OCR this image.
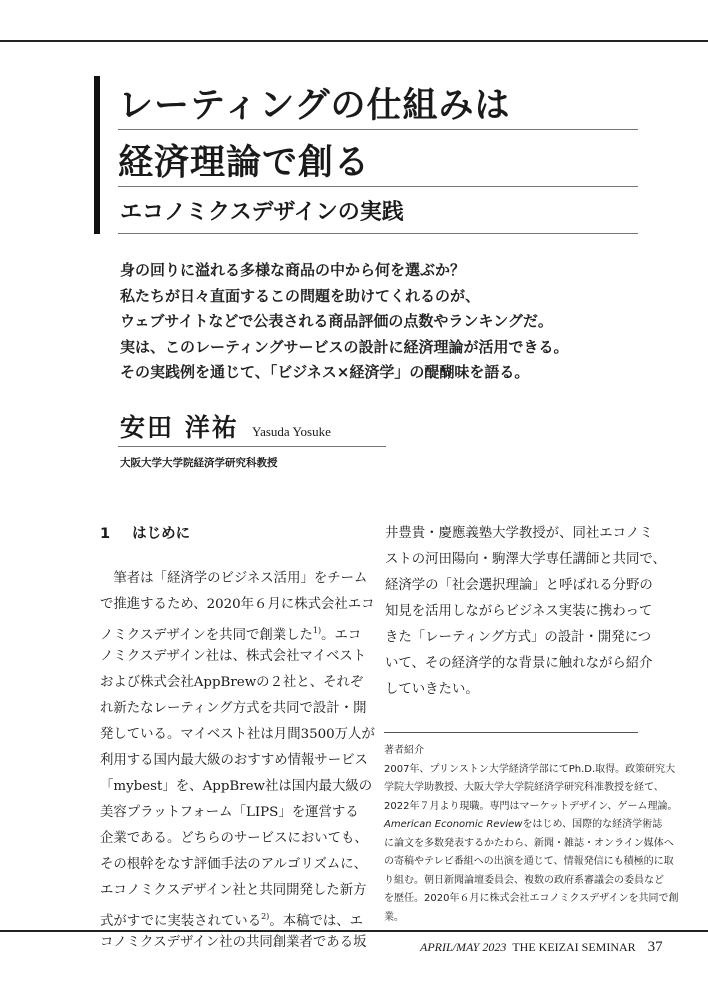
レーティングの仕組みは
経済理論で創る
エコノミクスデザインの実践
身の回りに溢れる多様な商品の中から何を選ぶか？
私たちが日々直面するこの問題を助けてくれるのが、
ウェブサイトなどで公表される商品評価の点数やランキングだ。
実は、このレーティングサービスの設計に経済理論が活用できる。
その実践例を通じて、「ビジネス×経済学」の醍醐味を語る。
安田 洋祐 Yasuda Yosuke
大阪大学大学院経済学研究科教授
1 はじめに
　筆者は「経済学のビジネス活用」をチーム
で推進するため、2020年６月に株式会社エコ
ノミクスデザインを共同で創業した$^{1)}$。エコ
ノミクスデザイン社は、株式会社マイベスト
および株式会社AppBrewの２社と、それぞ
れ新たなレーティング方式を共同で設計・開
発している。マイベスト社は月間3500万人が
利用する国内最大級のおすすめ情報サービス
「mybest」を、AppBrew社は国内最大級の
美容プラットフォーム「LIPS」を運営する
企業である。どちらのサービスにおいても、
その根幹をなす評価手法のアルゴリズムに、
エコノミクスデザイン社と共同開発した新方
式がすでに実装されている$^{2)}$。本稿では、エ
コノミクスデザイン社の共同創業者である坂
井豊貴・慶應義塾大学教授が、同社エコノミ
ストの河田陽向・駒澤大学専任講師と共同で、
経済学の「社会選択理論」と呼ばれる分野の
知見を活用しながらビジネス実装に携わって
きた「レーティング方式」の設計・開発につ
いて、その経済学的な背景に触れながら紹介
していきたい。
著者紹介
2007年、プリンストン大学経済学部にてPh.D.取得。政策研究大
学院大学助教授、大阪大学大学院経済学研究科准教授を経て、
2022年７月より現職。専門はマーケットデザイン、ゲーム理論。
American Economic Reviewをはじめ、国際的な経済学術誌
に論文を多数発表するかたわら、新聞・雑誌・オンライン媒体へ
の寄稿やテレビ番組への出演を通じて、情報発信にも積極的に取
り組む。朝日新聞論壇委員会、複数の政府系審議会の委員など
を歴任。2020年６月に株式会社エコノミクスデザインを共同で創
業。
APRIL/MAY 2023 THE KEIZAI SEMINAR 37
